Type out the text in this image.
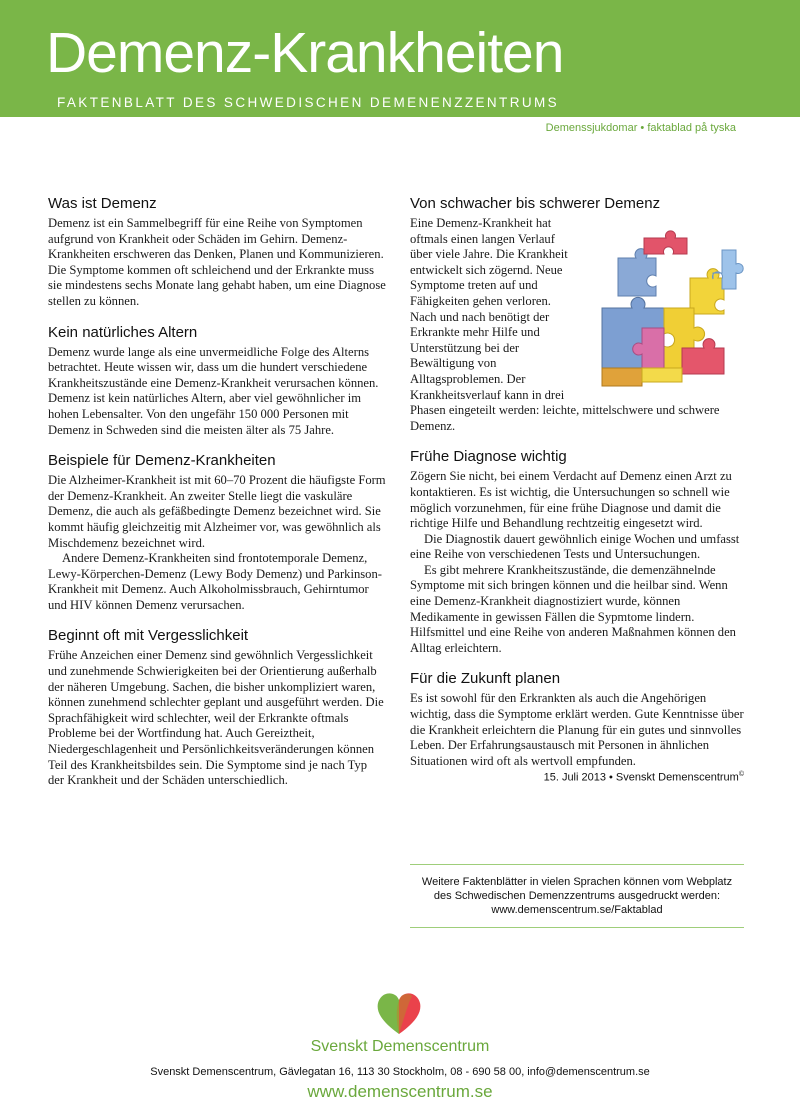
Demenz-Krankheiten
FAKTENBLATT DES SCHWEDISCHEN DEMENENZZENTRUMS
Demenssjukdomar • faktablad på tyska
Was ist Demenz

Demenz ist ein Sammelbegriff für eine Reihe von Symptomen aufgrund von Krankheit oder Schäden im Gehirn. Demenz-Krankheiten erschweren das Denken, Planen und Kommunizieren. Die Symptome kommen oft schleichend und der Erkrankte muss sie mindestens sechs Monate lang gehabt haben, um eine Diagnose stellen zu können.

Kein natürliches Altern

Demenz wurde lange als eine unvermeidliche Folge des Alterns betrachtet. Heute wissen wir, dass um die hundert verschiedene Krankheitszustände eine Demenz-Krankheit verursachen können. Demenz ist kein natürliches Altern, aber viel gewöhnlicher im hohen Lebensalter. Von den ungefähr 150 000 Personen mit Demenz in Schweden sind die meisten älter als 75 Jahre.

Beispiele für Demenz-Krankheiten

Die Alzheimer-Krankheit ist mit 60–70 Prozent die häufigste Form der Demenz-Krankheit. An zweiter Stelle liegt die vaskuläre Demenz, die auch als gefäßbedingte Demenz bezeichnet wird. Sie kommt häufig gleichzeitig mit Alzheimer vor, was gewöhnlich als Mischdemenz bezeichnet wird.

Andere Demenz-Krankheiten sind frontotemporale Demenz, Lewy-Körperchen-Demenz (Lewy Body Demenz) und Parkinson-Krankheit mit Demenz. Auch Alkoholmissbrauch, Gehirntumor und HIV können Demenz verursachen.

Beginnt oft mit Vergesslichkeit

Frühe Anzeichen einer Demenz sind gewöhnlich Vergesslichkeit und zunehmende Schwierigkeiten bei der Orientierung außerhalb der näheren Umgebung. Sachen, die bisher unkompliziert waren, können zunehmend schlechter geplant und ausgeführt werden. Die Sprachfähigkeit wird schlechter, weil der Erkrankte oftmals Probleme bei der Wortfindung hat. Auch Gereiztheit, Niedergeschlagenheit und Persönlichkeitsveränderungen können Teil des Krankheitsbildes sein. Die Symptome sind je nach Typ der Krankheit und der Schäden unterschiedlich.

Von schwacher bis schwerer Demenz

Eine Demenz-Krankheit hat oftmals einen langen Verlauf über viele Jahre. Die Krankheit entwickelt sich zögernd. Neue Symptome treten auf und Fähigkeiten gehen verloren. Nach und nach benötigt der Erkrankte mehr Hilfe und Unterstützung bei der Bewältigung von Alltagsproblemen. Der Krankheitsverlauf kann in drei Phasen eingeteilt werden: leichte, mittelschwere und schwere Demenz.

Frühe Diagnose wichtig

Zögern Sie nicht, bei einem Verdacht auf Demenz einen Arzt zu kontaktieren. Es ist wichtig, die Untersuchungen so schnell wie möglich vorzunehmen, für eine frühe Diagnose und damit die richtige Hilfe und Behandlung rechtzeitig eingesetzt wird.

Die Diagnostik dauert gewöhnlich einige Wochen und umfasst eine Reihe von verschiedenen Tests und Untersuchungen.

Es gibt mehrere Krankheitszustände, die demenzähnelnde Symptome mit sich bringen können und die heilbar sind. Wenn eine Demenz-Krankheit diagnostiziert wurde, können Medikamente in gewissen Fällen die Sypmtome lindern. Hilfsmittel und eine Reihe von anderen Maßnahmen können den Alltag erleichtern.

Für die Zukunft planen

Es ist sowohl für den Erkrankten als auch die Angehörigen wichtig, dass die Symptome erklärt werden. Gute Kenntnisse über die Krankheit erleichtern die Planung für ein gutes und sinnvolles Leben. Der Erfahrungsaustausch mit Personen in ähnlichen Situationen wird oft als wertvoll empfunden.

15. Juli 2013 • Svenskt Demenscentrum©
Weitere Faktenblätter in vielen Sprachen können vom Webplatz des Schwedischen Demenzzentrums ausgedruckt werden: www.demenscentrum.se/Faktablad
Svenskt Demenscentrum
Svenskt Demenscentrum, Gävlegatan 16, 113 30 Stockholm, 08 - 690 58 00, info@demenscentrum.se
www.demenscentrum.se
